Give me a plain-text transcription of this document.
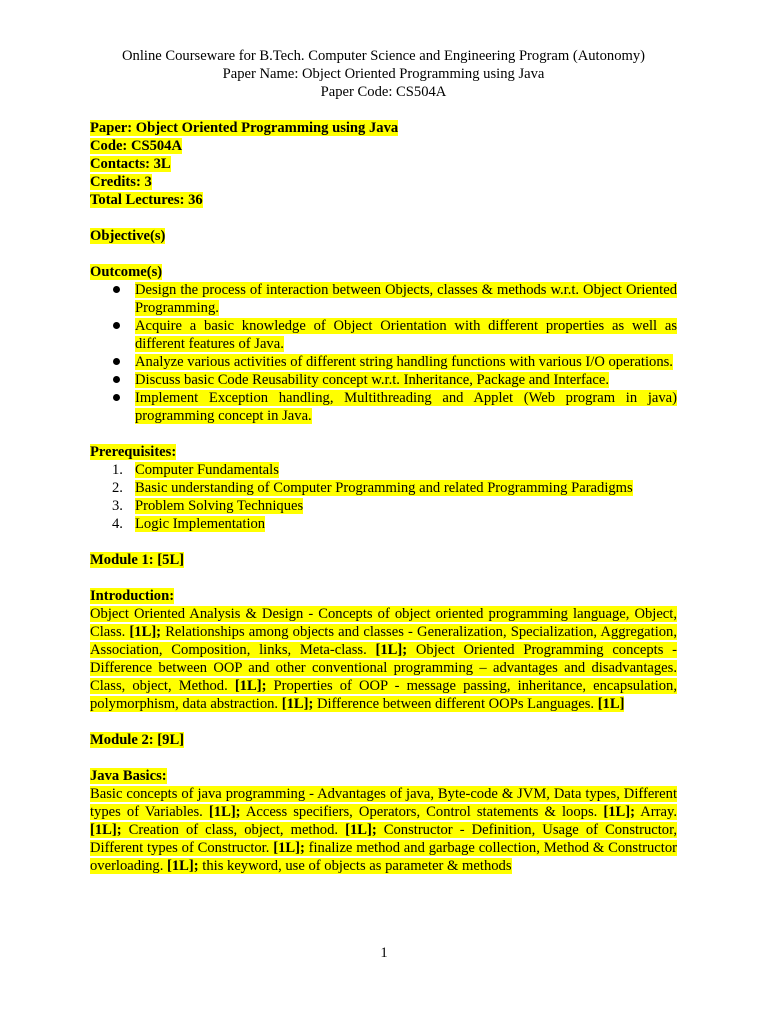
Online Courseware for B.Tech. Computer Science and Engineering Program (Autonomy)
Paper Name: Object Oriented Programming using Java
Paper Code: CS504A
Paper: Object Oriented Programming using Java
Code: CS504A
Contacts: 3L
Credits: 3
Total Lectures: 36
Objective(s)
Outcome(s)
Design the process of interaction between Objects, classes & methods w.r.t. Object Oriented Programming.
Acquire a basic knowledge of Object Orientation with different properties as well as different features of Java.
Analyze various activities of different string handling functions with various I/O operations.
Discuss basic Code Reusability concept w.r.t. Inheritance, Package and Interface.
Implement Exception handling, Multithreading and Applet (Web program in java) programming concept in Java.
Prerequisites:
1. Computer Fundamentals
2. Basic understanding of Computer Programming and related Programming Paradigms
3. Problem Solving Techniques
4. Logic Implementation
Module 1: [5L]
Introduction:
Object Oriented Analysis & Design - Concepts of object oriented programming language, Object, Class. [1L]; Relationships among objects and classes - Generalization, Specialization, Aggregation, Association, Composition, links, Meta-class. [1L]; Object Oriented Programming concepts - Difference between OOP and other conventional programming – advantages and disadvantages. Class, object, Method. [1L]; Properties of OOP - message passing, inheritance, encapsulation, polymorphism, data abstraction. [1L]; Difference between different OOPs Languages. [1L]
Module 2: [9L]
Java Basics:
Basic concepts of java programming - Advantages of java, Byte-code & JVM, Data types, Different types of Variables. [1L]; Access specifiers, Operators, Control statements & loops. [1L]; Array. [1L]; Creation of class, object, method. [1L]; Constructor - Definition, Usage of Constructor, Different types of Constructor. [1L]; finalize method and garbage collection, Method & Constructor overloading. [1L]; this keyword, use of objects as parameter & methods
1
